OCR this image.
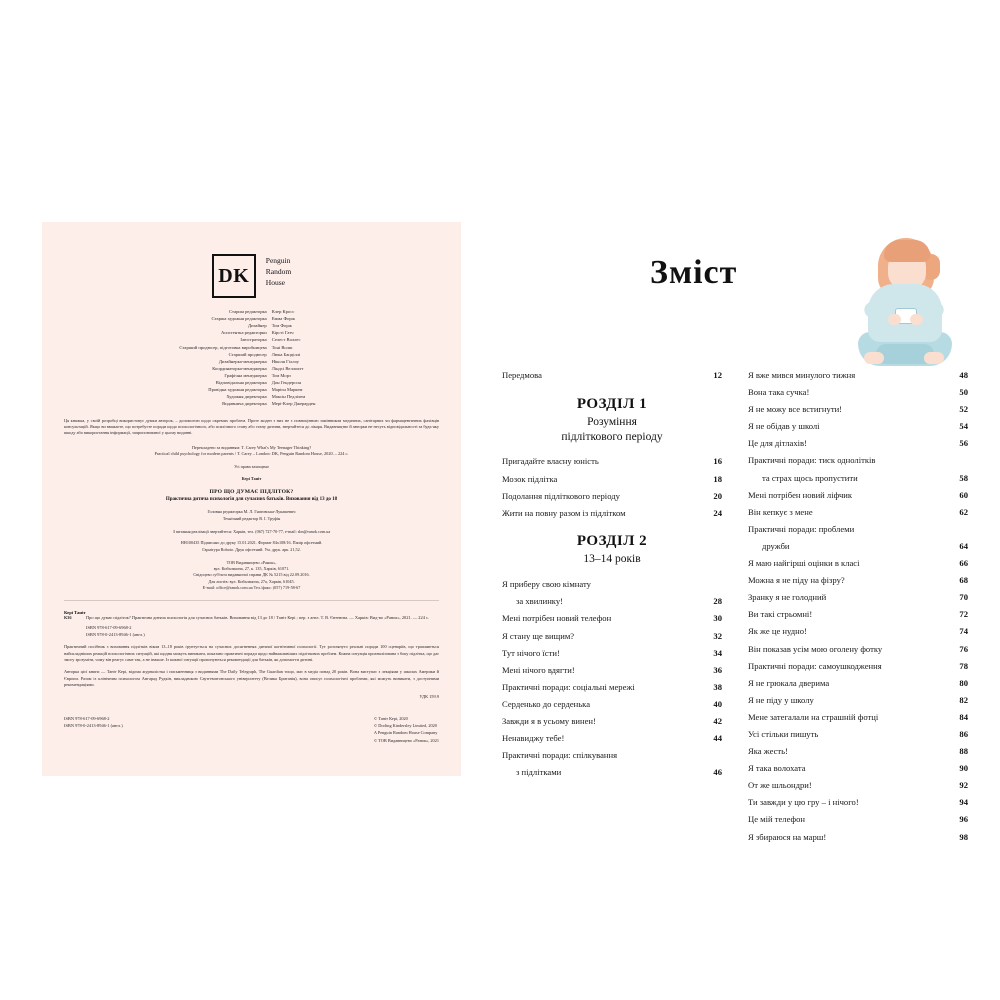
DK
Penguin
Random
House
Старша редакторка	Клер Кросс
Старша художня редакторка	Емма Форж
Дизайнер	Том Форж
Асистентка редакторки	Кірсті Гатч
Ілюстраторка	Селест Воллес
Старший продюсер, підготовка виробництва	Тоні Волш
Старший продюсер	Люка Бацціллі
Дизайнерка-менеджерка	Ніколя Гіллоу
Координаторка-менеджерка	Ліндсі Веллоктт
Графічна менеджерка	Том Морз
Відповідальна редакторка	Дон Гендерсон
Провідна художня редакторка	Марієн Маркем
Художня директорка	Максін Педліхем
Видавнича директорка	Мері-Клер Джерарден
Ця книжка, у своїй розробці використовує думки авторок, – допомогою щодо окремих проблем. Проте жоден з них не є повноцінною замінником медичних, санітарних чи фармацевтичних фахівців консультацій. Якщо ви вважаєте, що потребуєте поради щодо психологічного, або психічного стану або стану дитини, звертайтеся до лікаря. Видавництво й авторки не несуть відповідальності за будь-яку шкоду або використання інформації, запропонованої у цьому виданні.
Перекладено за виданням: T. Carey What's My Teenager Thinking?
Practical child psychology for modern parents / T. Carey – London: DK, Penguin Random House, 2020. – 224 c.
Усі права захищено
Кері Таніт
ПРО ЩО ДУМАЄ ПІДЛІТОК?
Практична дитяча психологія для сучасних батьків. Виховання від 13 до 18
Головна редакторка М. Л. Гнатовська-Лукашевич
Технічний редактор В. І. Труфін
З питання реалізації звертайтеся: Харків, тел. (067) 727-70-77, e-mail: sbn@ranok.com.ua
НН100435 Підписано до друку 15.01.2021. Формат 84х108/16. Папір офсетний.
Гарнітура Roboto. Друк офсетний. Ум. друк. арк. 21,52.
ТОВ Видавництво «Ранок»,
вул. Кибальчича, 27, к. 135, Харків, 61071.
Свідоцтво суб'єкта видавничої справи ДК № 5215 від 22.09.2016.
Для листів: вул. Кибальчича, 27а, Харків, 61045.
E-mail: office@ranok.com.ua Тел./факс: (057) 719-58-67
Кері Таніт
К36	Про що думає підліток? Практична дитяча психологія для сучасних батьків. Виховання від 13 до 18 / Таніт Кері ; пер. з англ. Т. В. Євтенєва. — Харків: Вид-во «Ранок», 2021. — 224 с.
ISBN 978-617-09-6968-2
ISBN 978-0-2413-8946-1 (англ.)
Практичний посібник з виховання підлітків віком 13–18 років ґрунтується на сучасних досягненнях дитячої когнітивної психології. Тут розглянуто реальні поради 100 сценаріїв, що трапляються найскладніших реакцій психологічних ситуацій, які щодня можуть виникати, показано практичні поради щодо найважливіших підліткових проблем. Кожна ситуація проаналізована з боку підлітка, що дає змогу зрозуміти, чому він реагує саме так, а не інакше. Із кожної ситуації пропонуються рекомендації для батьків, як допомогти дитині.
Авторка цієї книги — Таніт Кері, відома журналістка і письменниця з виданнями The Daily Telegraph, The Guardian тощо, має в медіа понад 20 років. Вона виступає з лекціями у школах Америки й Європи. Разом із клінічним психологом Ангарад Рудкін, викладачкою Саутгемптонського університету (Велика Британія), вона описує психологічні проблеми, які можуть виникати, з доступними рекомендаціями.
УДК 159.9
ISBN 978-617-09-6968-2
ISBN 978-0-2413-8946-1 (англ.)
© Таніт Кері, 2020
© Dorling Kindersley Limited, 2020
A Penguin Random House Company
© ТОВ Видавництво «Ранок», 2021
Зміст
Передмова	12
РОЗДІЛ 1
Розуміння
підліткового періоду
Пригадайте власну юність	16
Мозок підлітка	18
Подолання підліткового періоду	20
Жити на повну разом із підлітком	24
РОЗДІЛ 2
13–14 років
Я приберу свою кімнату
за хвилинку!	28
Мені потрібен новий телефон	30
Я стану ще вищим?	32
Тут нічого їсти!	34
Мені нічого вдягти!	36
Практичні поради: соціальні мережі	38
Серденько до серденька	40
Завжди я в усьому винен!	42
Ненавиджу тебе!	44
Практичні поради: спілкування
з підлітками	46
Я вже мився минулого тижня	48
Вона така сучка!	50
Я не можу все встигнути!	52
Я не обідав у школі	54
Це для дітлахів!	56
Практичні поради: тиск однолітків
та страх щось пропустити	58
Мені потрібен новий ліфчик	60
Він кепкує з мене	62
Практичні поради: проблеми
дружби	64
Я маю найгірші оцінки в класі	66
Можна я не піду на фізру?	68
Зранку я не голодний	70
Ви такі стрьомні!	72
Як же це нудно!	74
Він показав усім мою оголену фотку	76
Практичні поради: самоушкодження	78
Я не грюкала дверима	80
Я не піду у школу	82
Мене затегалали на страшній фотці	84
Усі стільки пишуть	86
Яка жесть!	88
Я така волохата	90
От же шльондри!	92
Ти завжди у цю гру – і нічого!	94
Це мій телефон	96
Я збираюся на марш!	98
